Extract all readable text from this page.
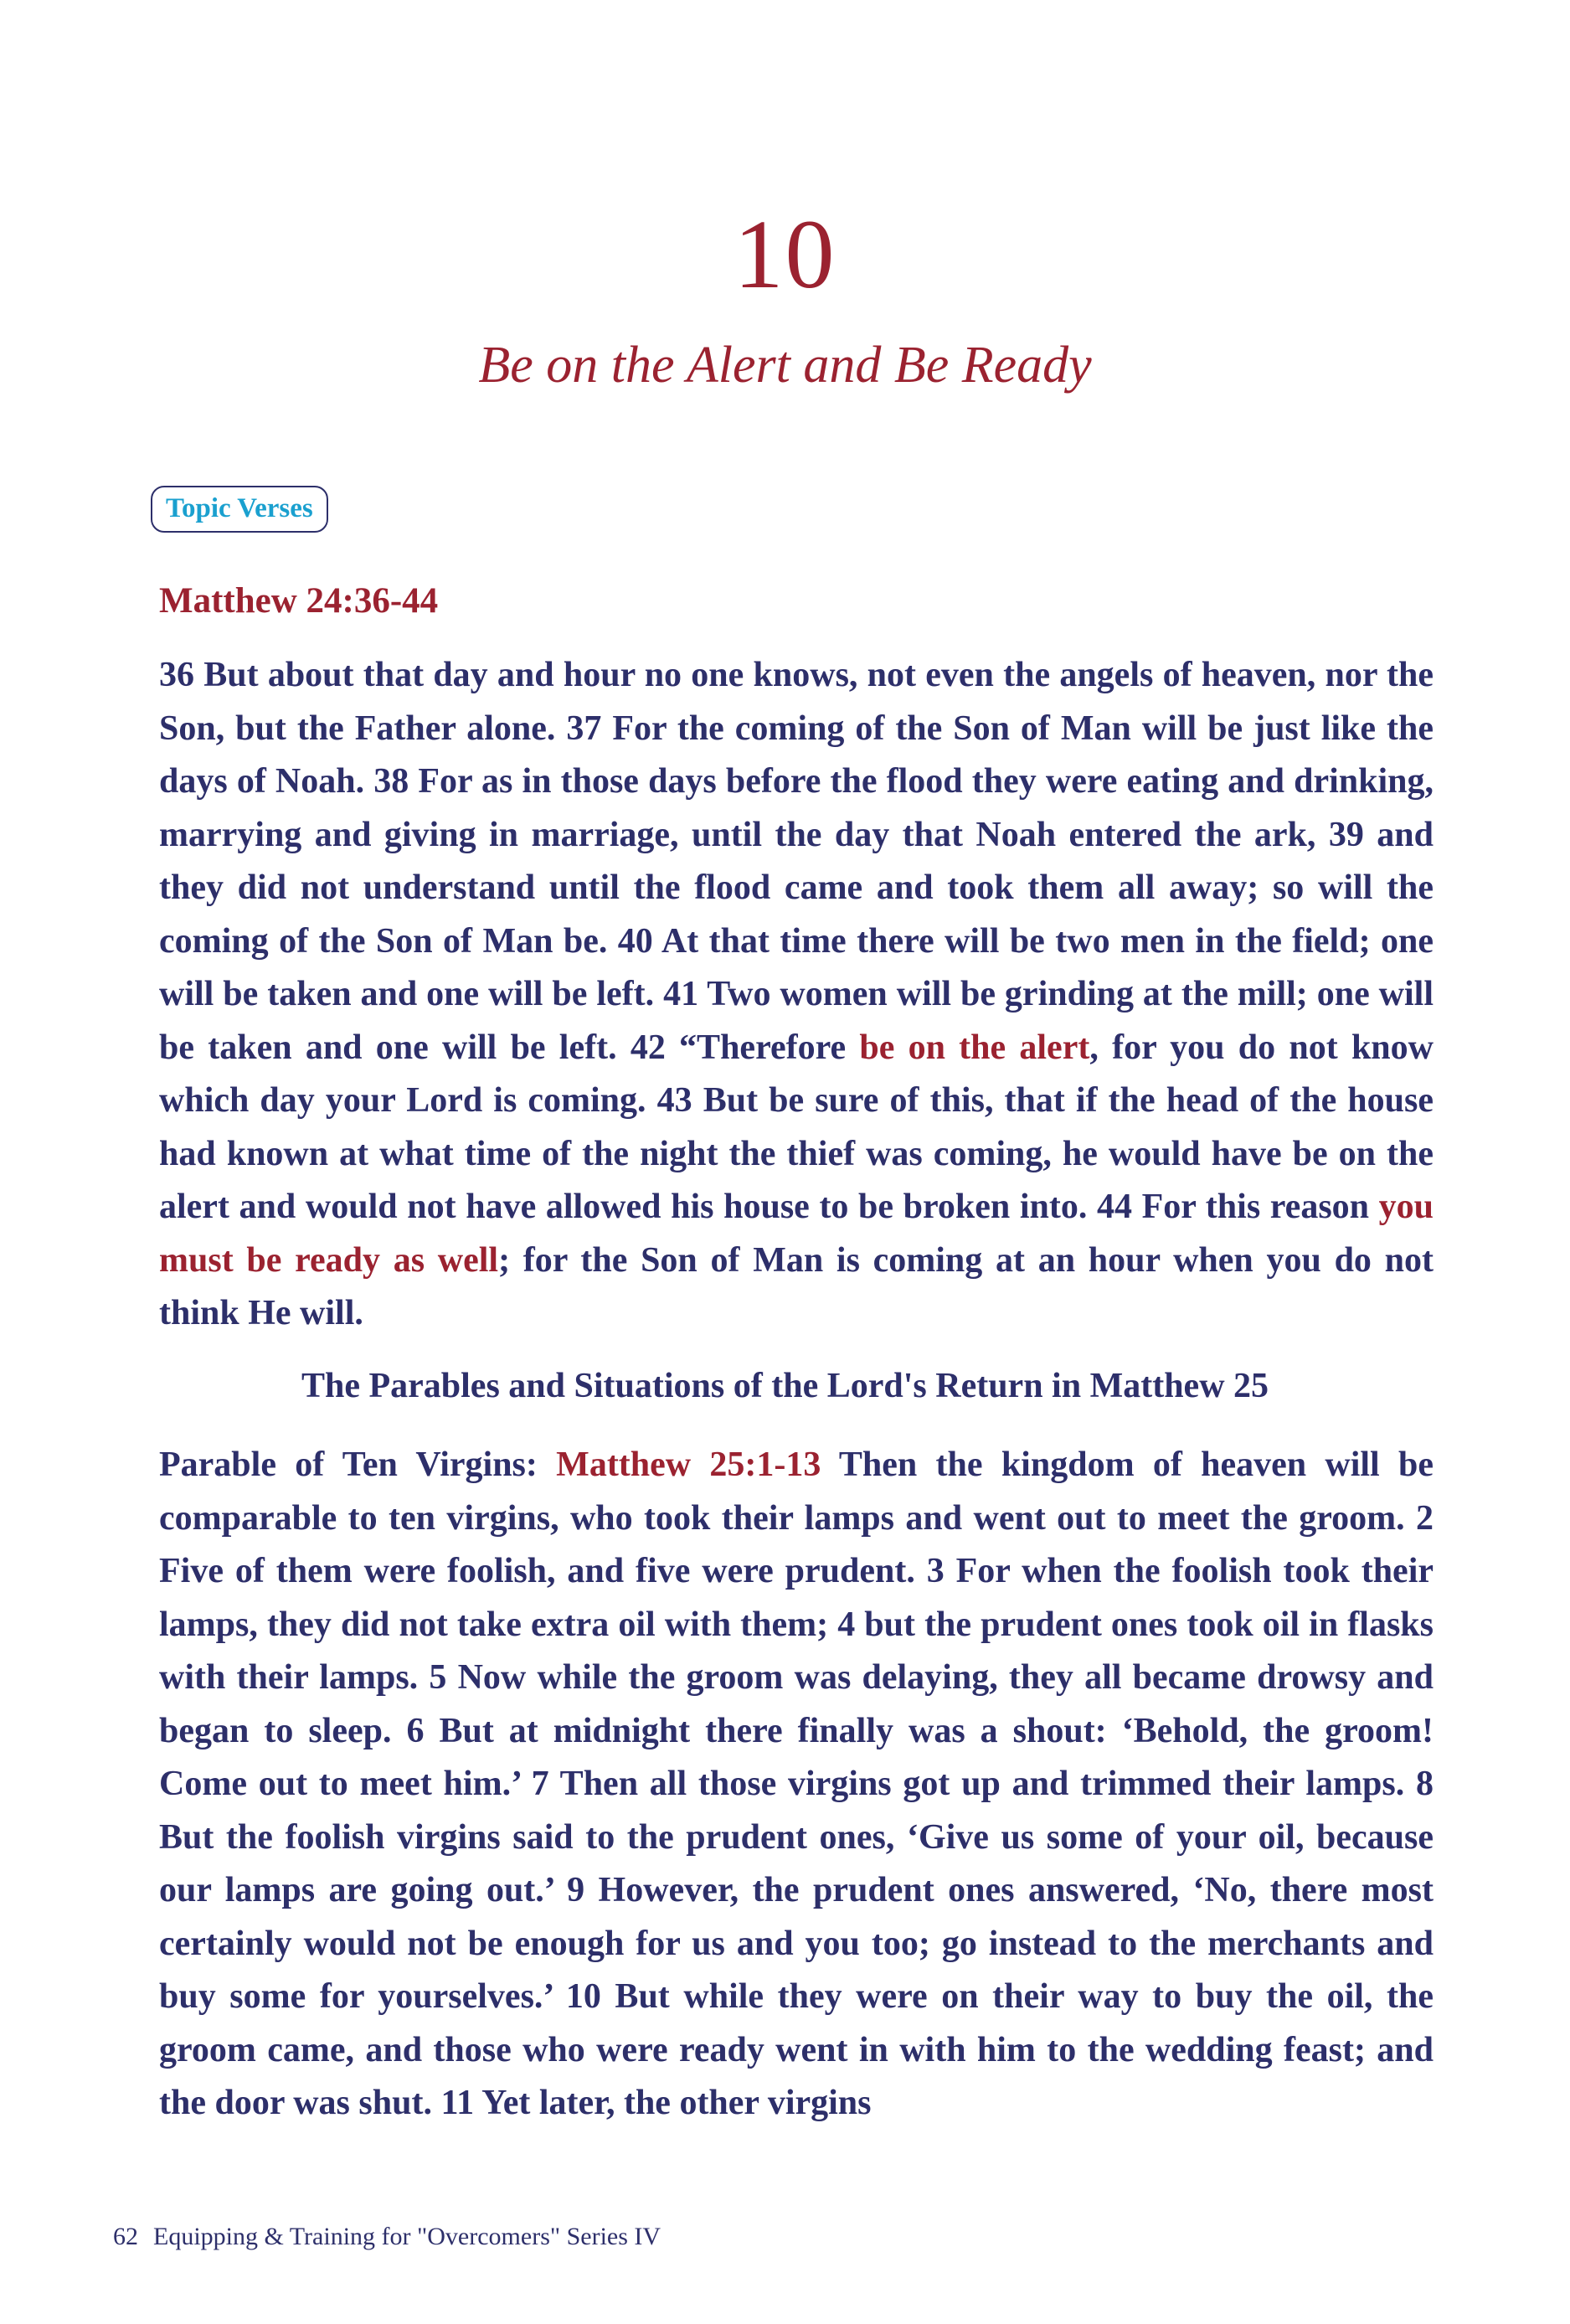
10
Be on the Alert and Be Ready
Topic Verses
Matthew 24:36-44
36 But about that day and hour no one knows, not even the angels of heaven, nor the Son, but the Father alone. 37 For the coming of the Son of Man will be just like the days of Noah. 38 For as in those days before the flood they were eating and drinking, marrying and giving in marriage, until the day that Noah entered the ark, 39 and they did not understand until the flood came and took them all away; so will the coming of the Son of Man be. 40 At that time there will be two men in the field; one will be taken and one will be left. 41 Two women will be grinding at the mill; one will be taken and one will be left. 42 “Therefore be on the alert, for you do not know which day your Lord is coming. 43 But be sure of this, that if the head of the house had known at what time of the night the thief was coming, he would have be on the alert and would not have allowed his house to be broken into. 44 For this reason you must be ready as well; for the Son of Man is coming at an hour when you do not think He will.
The Parables and Situations of the Lord's Return in Matthew 25
Parable of Ten Virgins: Matthew 25:1-13 Then the kingdom of heaven will be comparable to ten virgins, who took their lamps and went out to meet the groom. 2 Five of them were foolish, and five were prudent. 3 For when the foolish took their lamps, they did not take extra oil with them; 4 but the prudent ones took oil in flasks with their lamps. 5 Now while the groom was delaying, they all became drowsy and began to sleep. 6 But at midnight there finally was a shout: ‘Behold, the groom! Come out to meet him.’ 7 Then all those virgins got up and trimmed their lamps. 8 But the foolish virgins said to the prudent ones, ‘Give us some of your oil, because our lamps are going out.’ 9 However, the prudent ones answered, ‘No, there most certainly would not be enough for us and you too; go instead to the merchants and buy some for yourselves.’ 10 But while they were on their way to buy the oil, the groom came, and those who were ready went in with him to the wedding feast; and the door was shut. 11 Yet later, the other virgins
62 Equipping & Training for "Overcomers" Series IV
